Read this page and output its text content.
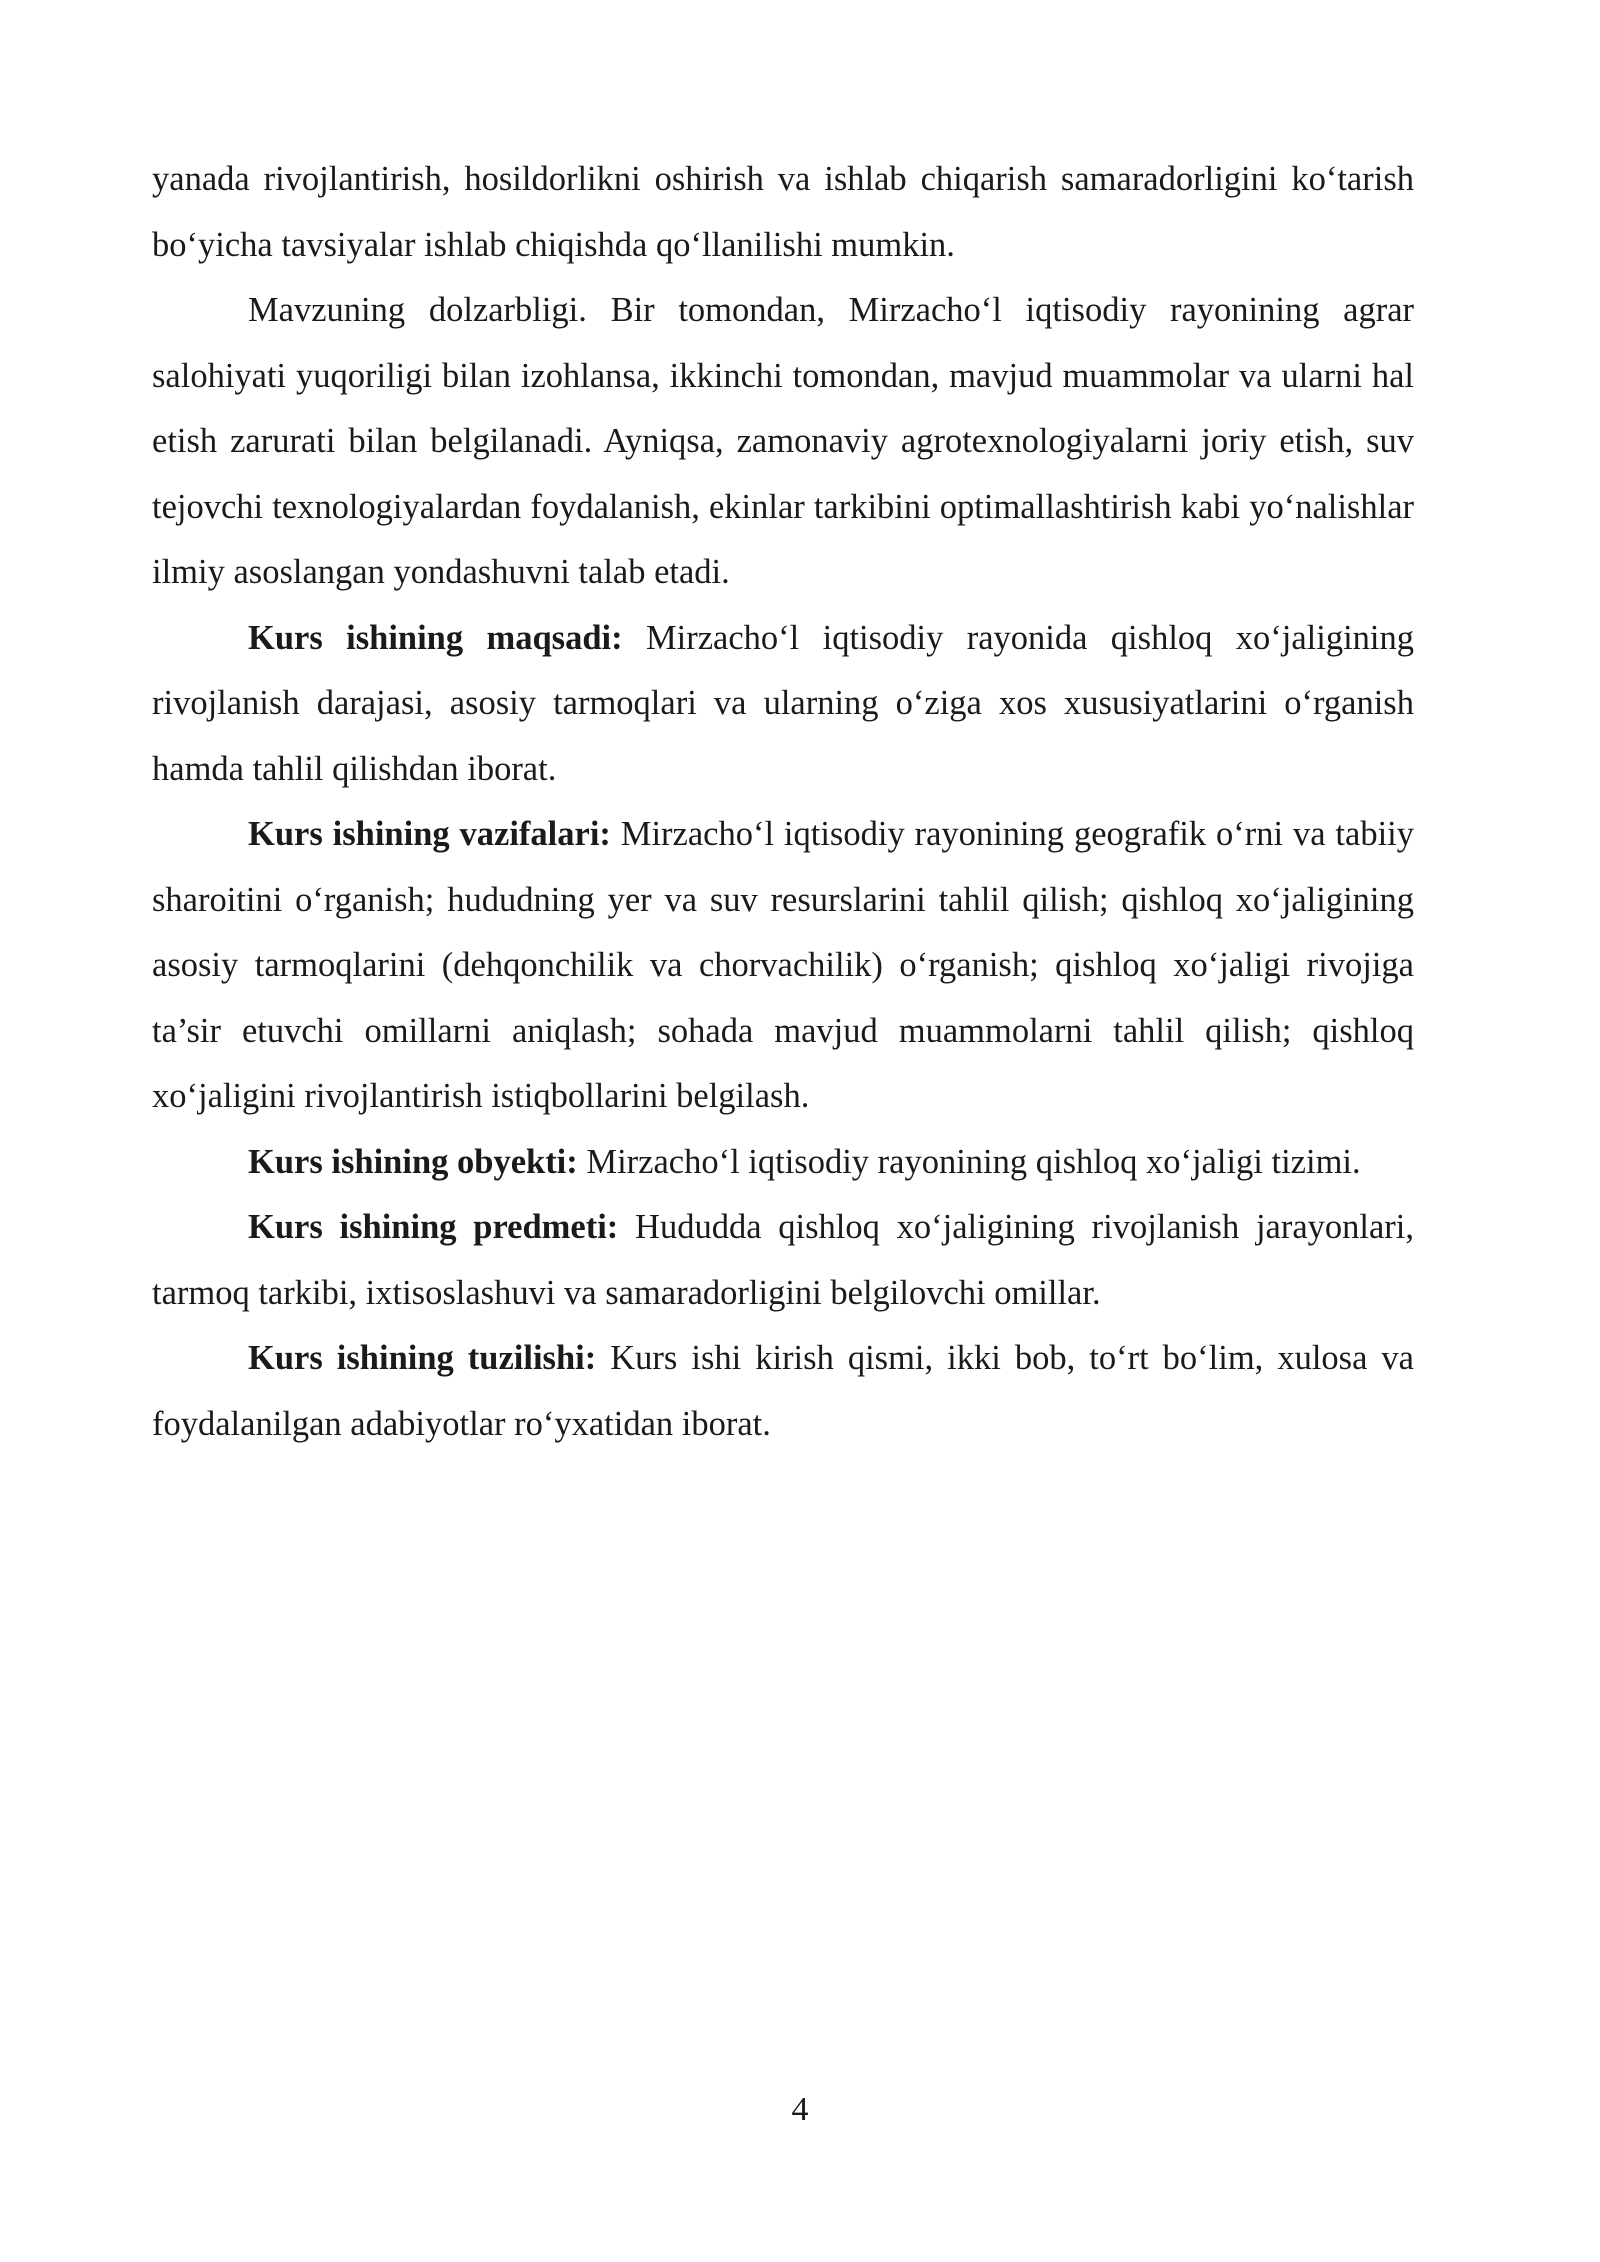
yanada rivojlantirish, hosildorlikni oshirish va ishlab chiqarish samaradorligini ko‘tarish bo‘yicha tavsiyalar ishlab chiqishda qo‘llanilishi mumkin.

Mavzuning dolzarbligi. Bir tomondan, Mirzacho‘l iqtisodiy rayonining agrar salohiyati yuqoriligi bilan izohlansa, ikkinchi tomondan, mavjud muammolar va ularni hal etish zarurati bilan belgilanadi. Ayniqsa, zamonaviy agrotexnologiyalarni joriy etish, suv tejovchi texnologiyalardan foydalanish, ekinlar tarkibini optimallashtirish kabi yo‘nalishlar ilmiy asoslangan yondashuvni talab etadi.

Kurs ishining maqsadi: Mirzacho‘l iqtisodiy rayonida qishloq xo‘jaligining rivojlanish darajasi, asosiy tarmoqlari va ularning o‘ziga xos xususiyatlarini o‘rganish hamda tahlil qilishdan iborat.

Kurs ishining vazifalari: Mirzacho‘l iqtisodiy rayonining geografik o‘rni va tabiiy sharoitini o‘rganish; hududning yer va suv resurslarini tahlil qilish; qishloq xo‘jaligining asosiy tarmoqlarini (dehqonchilik va chorvachilik) o‘rganish; qishloq xo‘jaligi rivojiga ta’sir etuvchi omillarni aniqlash; sohada mavjud muammolarni tahlil qilish; qishloq xo‘jaligini rivojlantirish istiqbollarini belgilash.

Kurs ishining obyekti: Mirzacho‘l iqtisodiy rayonining qishloq xo‘jaligi tizimi.

Kurs ishining predmeti: Hududda qishloq xo‘jaligining rivojlanish jarayonlari, tarmoq tarkibi, ixtisoslashuvi va samaradorligini belgilovchi omillar.

Kurs ishining tuzilishi: Kurs ishi kirish qismi, ikki bob, to‘rt bo‘lim, xulosa va foydalanilgan adabiyotlar ro‘yxatidan iborat.

4
